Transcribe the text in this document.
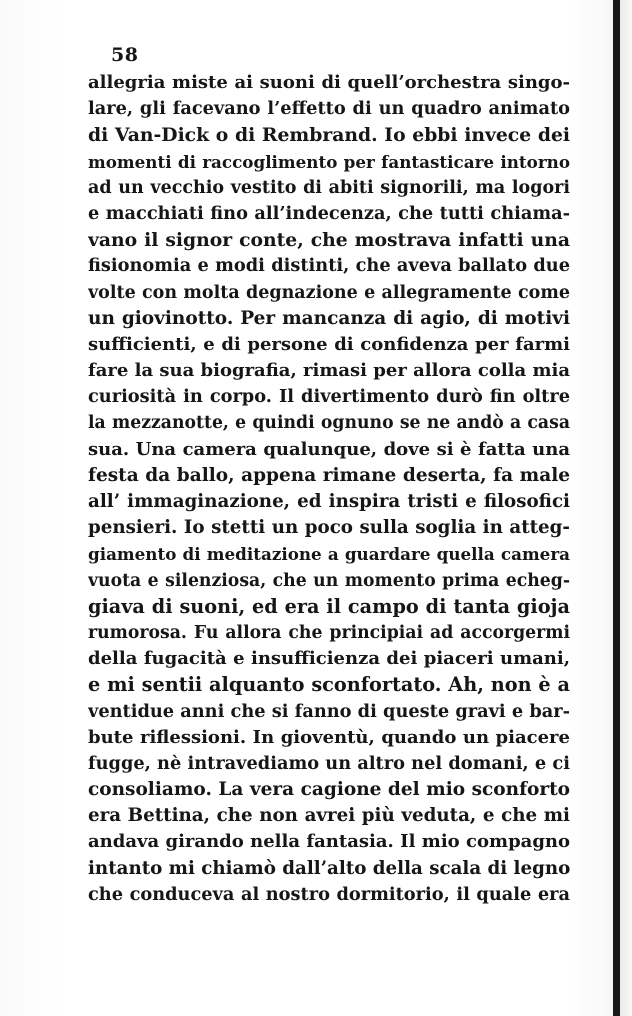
58
allegria miste ai suoni di quell’orchestra singo-
lare, gli facevano l’effetto di un quadro animato
di Van-Dick o di Rembrand. Io ebbi invece dei
momenti di raccoglimento per fantasticare intorno
ad un vecchio vestito di abiti signorili, ma logori
e macchiati fino all’indecenza, che tutti chiama-
vano il signor conte, che mostrava infatti una
fisionomia e modi distinti, che aveva ballato due
volte con molta degnazione e allegramente come
un giovinotto. Per mancanza di agio, di motivi
sufficienti, e di persone di confidenza per farmi
fare la sua biografia, rimasi per allora colla mia
curiosità in corpo. Il divertimento durò fin oltre
la mezzanotte, e quindi ognuno se ne andò a casa
sua. Una camera qualunque, dove si è fatta una
festa da ballo, appena rimane deserta, fa male
all’ immaginazione, ed inspira tristi e filosofici
pensieri. Io stetti un poco sulla soglia in atteg-
giamento di meditazione a guardare quella camera
vuota e silenziosa, che un momento prima echeg-
giava di suoni, ed era il campo di tanta gioja
rumorosa. Fu allora che principiai ad accorgermi
della fugacità e insufficienza dei piaceri umani,
e mi sentii alquanto sconfortato. Ah, non è a
ventidue anni che si fanno di queste gravi e bar-
bute riflessioni. In gioventù, quando un piacere
fugge, nè intravediamo un altro nel domani, e ci
consoliamo. La vera cagione del mio sconforto
era Bettina, che non avrei più veduta, e che mi
andava girando nella fantasia. Il mio compagno
intanto mi chiamò dall’alto della scala di legno
che conduceva al nostro dormitorio, il quale era
